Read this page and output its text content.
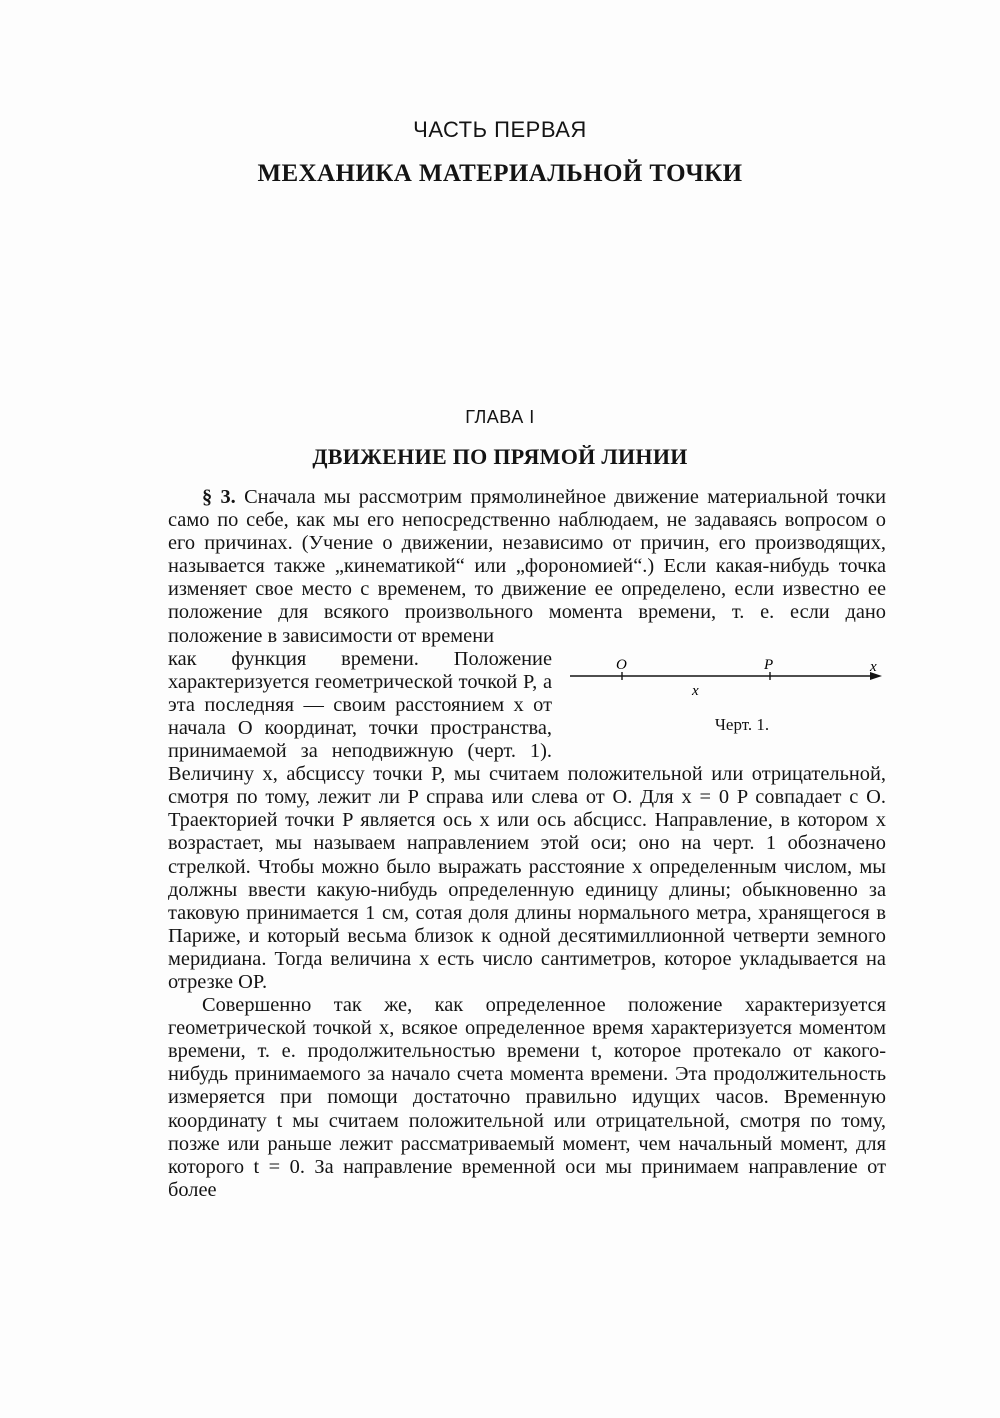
ЧАСТЬ ПЕРВАЯ
МЕХАНИКА МАТЕРИАЛЬНОЙ ТОЧКИ
ГЛАВА I
ДВИЖЕНИЕ ПО ПРЯМОЙ ЛИНИИ

§ 3. Сначала мы рассмотрим прямолинейное движение материальной точки само по себе, как мы его непосредственно наблюдаем, не задаваясь вопросом о его причинах. (Учение о движении, независимо от причин, его производящих, называется также „кинематикой“ или „форономией“.) Если какая-нибудь точка изменяет свое место с временем, то движение ее определено, если известно ее положение для всякого произвольного момента времени, т. е. если дано положение в зависимости от времени

O	P	x
x
Черт. 1.
как функция времени. Положение характеризуется геометрической точкой P, а эта последняя — своим расстоянием x от начала O координат, точки пространства, принимаемой за неподвижную (черт. 1). Величину x, абсциссу точки P, мы считаем положительной или отрицательной, смотря по тому, лежит ли P справа или слева от O. Для x = 0 P совпадает с O. Траекторией точки P является ось x или ось абсцисс. Направление, в котором x возрастает, мы называем направлением этой оси; оно на черт. 1 обозначено стрелкой. Чтобы можно было выражать расстояние x определенным числом, мы должны ввести какую-нибудь определенную единицу длины; обыкновенно за таковую принимается 1 см, сотая доля длины нормального метра, хранящегося в Париже, и который весьма близок к одной десятимиллионной четверти земного меридиана. Тогда величина x есть число сантиметров, которое укладывается на отрезке OP.

Совершенно так же, как определенное положение характеризуется геометрической точкой x, всякое определенное время характеризуется моментом времени, т. е. продолжительностью времени t, которое протекало от какого-нибудь принимаемого за начало счета момента времени. Эта продолжительность измеряется при помощи достаточно правильно идущих часов. Временную координату t мы считаем положительной или отрицательной, смотря по тому, позже или раньше лежит рассматриваемый момент, чем начальный момент, для которого t = 0. За направление временной оси мы принимаем направление от более
